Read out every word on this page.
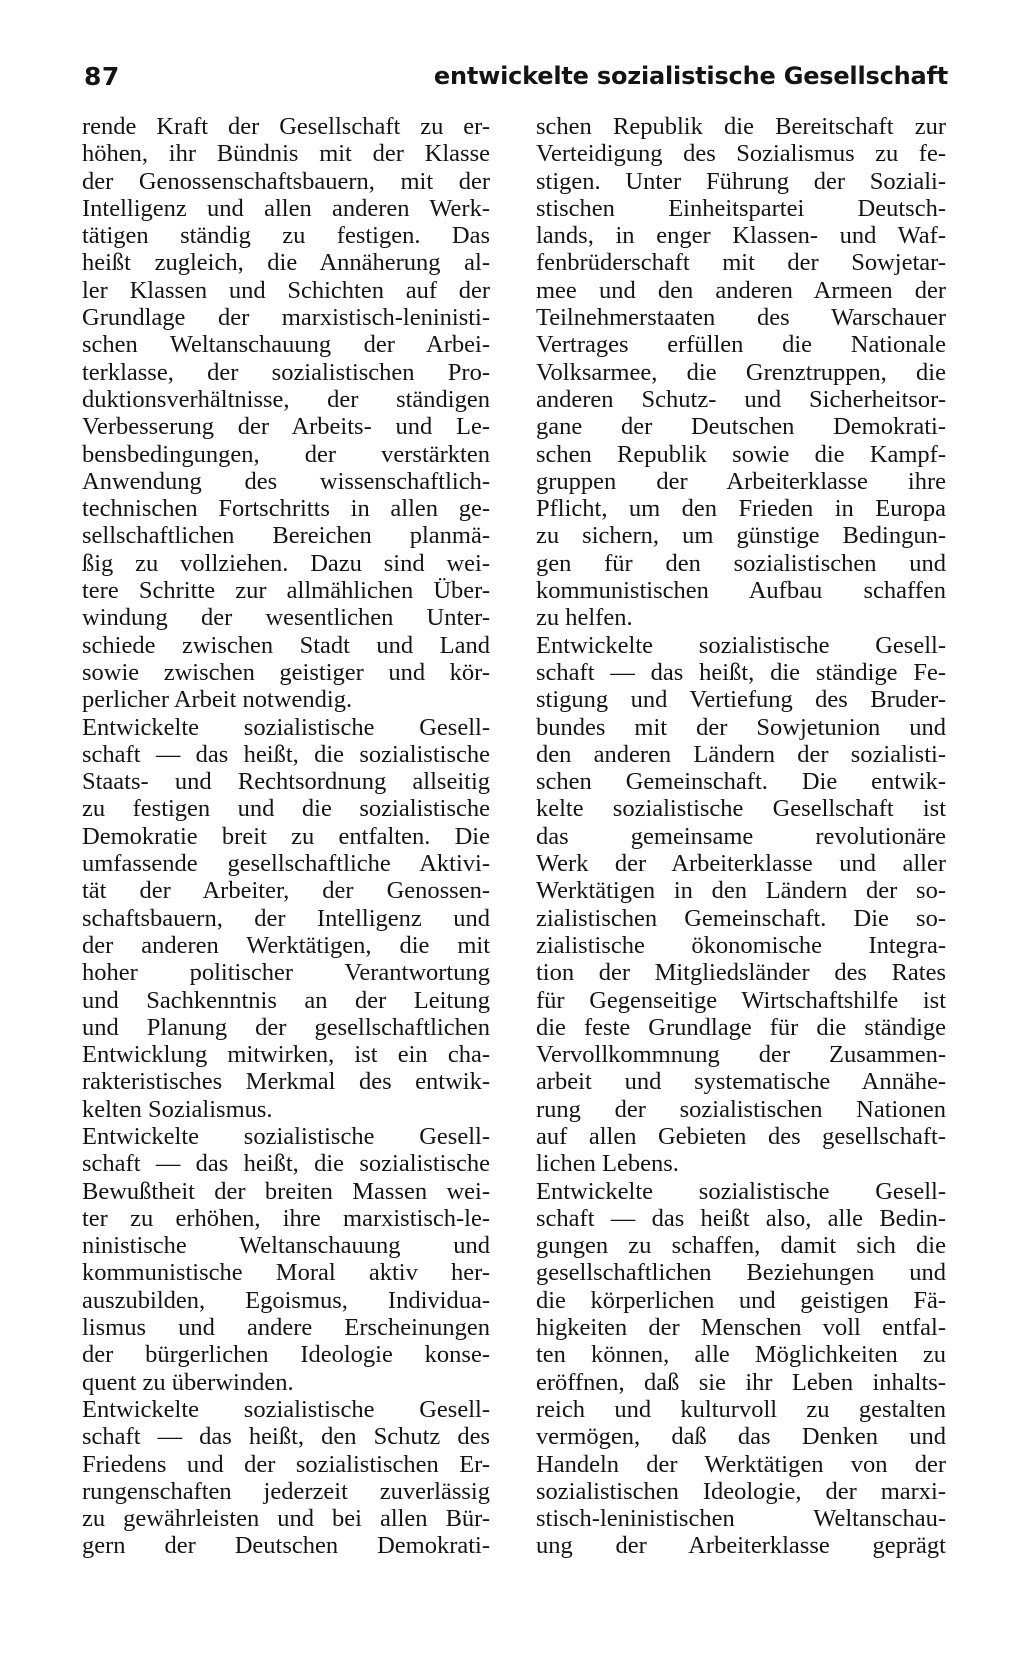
87	entwickelte sozialistische Gesellschaft
rende Kraft der Gesellschaft zu er-
höhen, ihr Bündnis mit der Klasse
der Genossenschaftsbauern, mit der
Intelligenz und allen anderen Werk-
tätigen ständig zu festigen. Das
heißt zugleich, die Annäherung al-
ler Klassen und Schichten auf der
Grundlage der marxistisch-leninisti-
schen Weltanschauung der Arbei-
terklasse, der sozialistischen Pro-
duktionsverhältnisse, der ständigen
Verbesserung der Arbeits- und Le-
bensbedingungen, der verstärkten
Anwendung des wissenschaftlich-
technischen Fortschritts in allen ge-
sellschaftlichen Bereichen planmä-
ßig zu vollziehen. Dazu sind wei-
tere Schritte zur allmählichen Über-
windung der wesentlichen Unter-
schiede zwischen Stadt und Land
sowie zwischen geistiger und kör-
perlicher Arbeit notwendig.
Entwickelte sozialistische Gesell-
schaft — das heißt, die sozialistische
Staats- und Rechtsordnung allseitig
zu festigen und die sozialistische
Demokratie breit zu entfalten. Die
umfassende gesellschaftliche Aktivi-
tät der Arbeiter, der Genossen-
schaftsbauern, der Intelligenz und
der anderen Werktätigen, die mit
hoher politischer Verantwortung
und Sachkenntnis an der Leitung
und Planung der gesellschaftlichen
Entwicklung mitwirken, ist ein cha-
rakteristisches Merkmal des entwik-
kelten Sozialismus.
Entwickelte sozialistische Gesell-
schaft — das heißt, die sozialistische
Bewußtheit der breiten Massen wei-
ter zu erhöhen, ihre marxistisch-le-
ninistische Weltanschauung und
kommunistische Moral aktiv her-
auszubilden, Egoismus, Individua-
lismus und andere Erscheinungen
der bürgerlichen Ideologie konse-
quent zu überwinden.
Entwickelte sozialistische Gesell-
schaft — das heißt, den Schutz des
Friedens und der sozialistischen Er-
rungenschaften jederzeit zuverlässig
zu gewährleisten und bei allen Bür-
gern der Deutschen Demokrati-
schen Republik die Bereitschaft zur
Verteidigung des Sozialismus zu fe-
stigen. Unter Führung der Soziali-
stischen Einheitspartei Deutsch-
lands, in enger Klassen- und Waf-
fenbrüderschaft mit der Sowjetar-
mee und den anderen Armeen der
Teilnehmerstaaten des Warschauer
Vertrages erfüllen die Nationale
Volksarmee, die Grenztruppen, die
anderen Schutz- und Sicherheitsor-
gane der Deutschen Demokrati-
schen Republik sowie die Kampf-
gruppen der Arbeiterklasse ihre
Pflicht, um den Frieden in Europa
zu sichern, um günstige Bedingun-
gen für den sozialistischen und
kommunistischen Aufbau schaffen
zu helfen.
Entwickelte sozialistische Gesell-
schaft — das heißt, die ständige Fe-
stigung und Vertiefung des Bruder-
bundes mit der Sowjetunion und
den anderen Ländern der sozialisti-
schen Gemeinschaft. Die entwik-
kelte sozialistische Gesellschaft ist
das gemeinsame revolutionäre
Werk der Arbeiterklasse und aller
Werktätigen in den Ländern der so-
zialistischen Gemeinschaft. Die so-
zialistische ökonomische Integra-
tion der Mitgliedsländer des Rates
für Gegenseitige Wirtschaftshilfe ist
die feste Grundlage für die ständige
Vervollkommnung der Zusammen-
arbeit und systematische Annähe-
rung der sozialistischen Nationen
auf allen Gebieten des gesellschaft-
lichen Lebens.
Entwickelte sozialistische Gesell-
schaft — das heißt also, alle Bedin-
gungen zu schaffen, damit sich die
gesellschaftlichen Beziehungen und
die körperlichen und geistigen Fä-
higkeiten der Menschen voll entfal-
ten können, alle Möglichkeiten zu
eröffnen, daß sie ihr Leben inhalts-
reich und kulturvoll zu gestalten
vermögen, daß das Denken und
Handeln der Werktätigen von der
sozialistischen Ideologie, der marxi-
stisch-leninistischen Weltanschau-
ung der Arbeiterklasse geprägt
